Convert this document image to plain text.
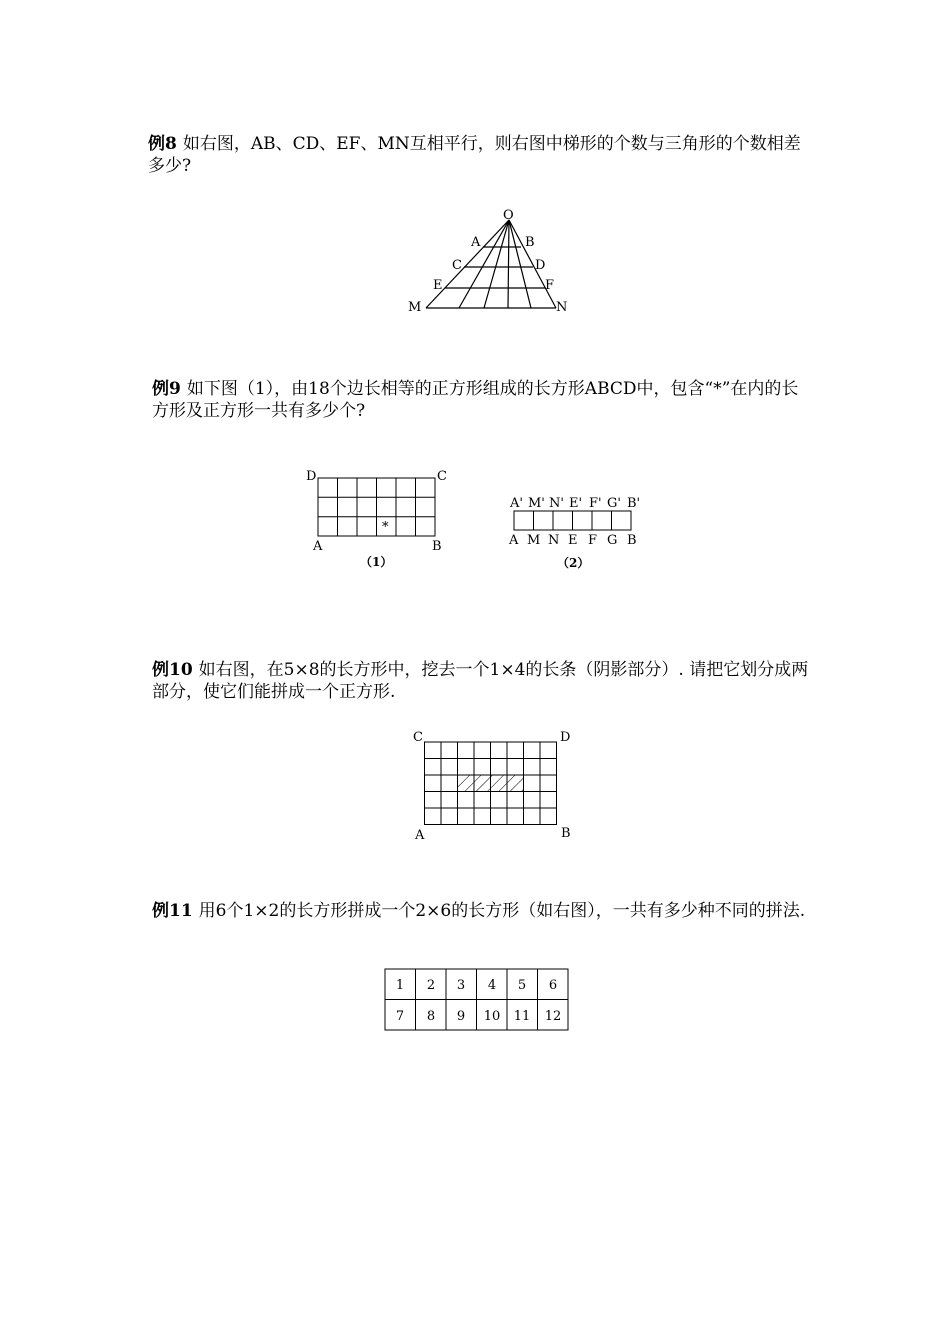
例8 如右图，AB、CD、EF、MN互相平行，则右图中梯形的个数与三角形的个数相差多少?
O
A	B
C	D
E	F
M	N
例9 如下图（1），由18个边长相等的正方形组成的长方形ABCD中，包含“*”在内的长方形及正方形一共有多少个?
D	C
A	B
*
（1）
A' M' N' E' F' G' B'
A M N E F G B
（2）
例10 如右图，在5×8的长方形中，挖去一个1×4的长条（阴影部分）. 请把它划分成两部分，使它们能拼成一个正方形.
C	D
A	B
例11 用6个1×2的长方形拼成一个2×6的长方形（如右图），一共有多少种不同的拼法.
1 2 3 4 5 6
7 8 9 10 11 12
